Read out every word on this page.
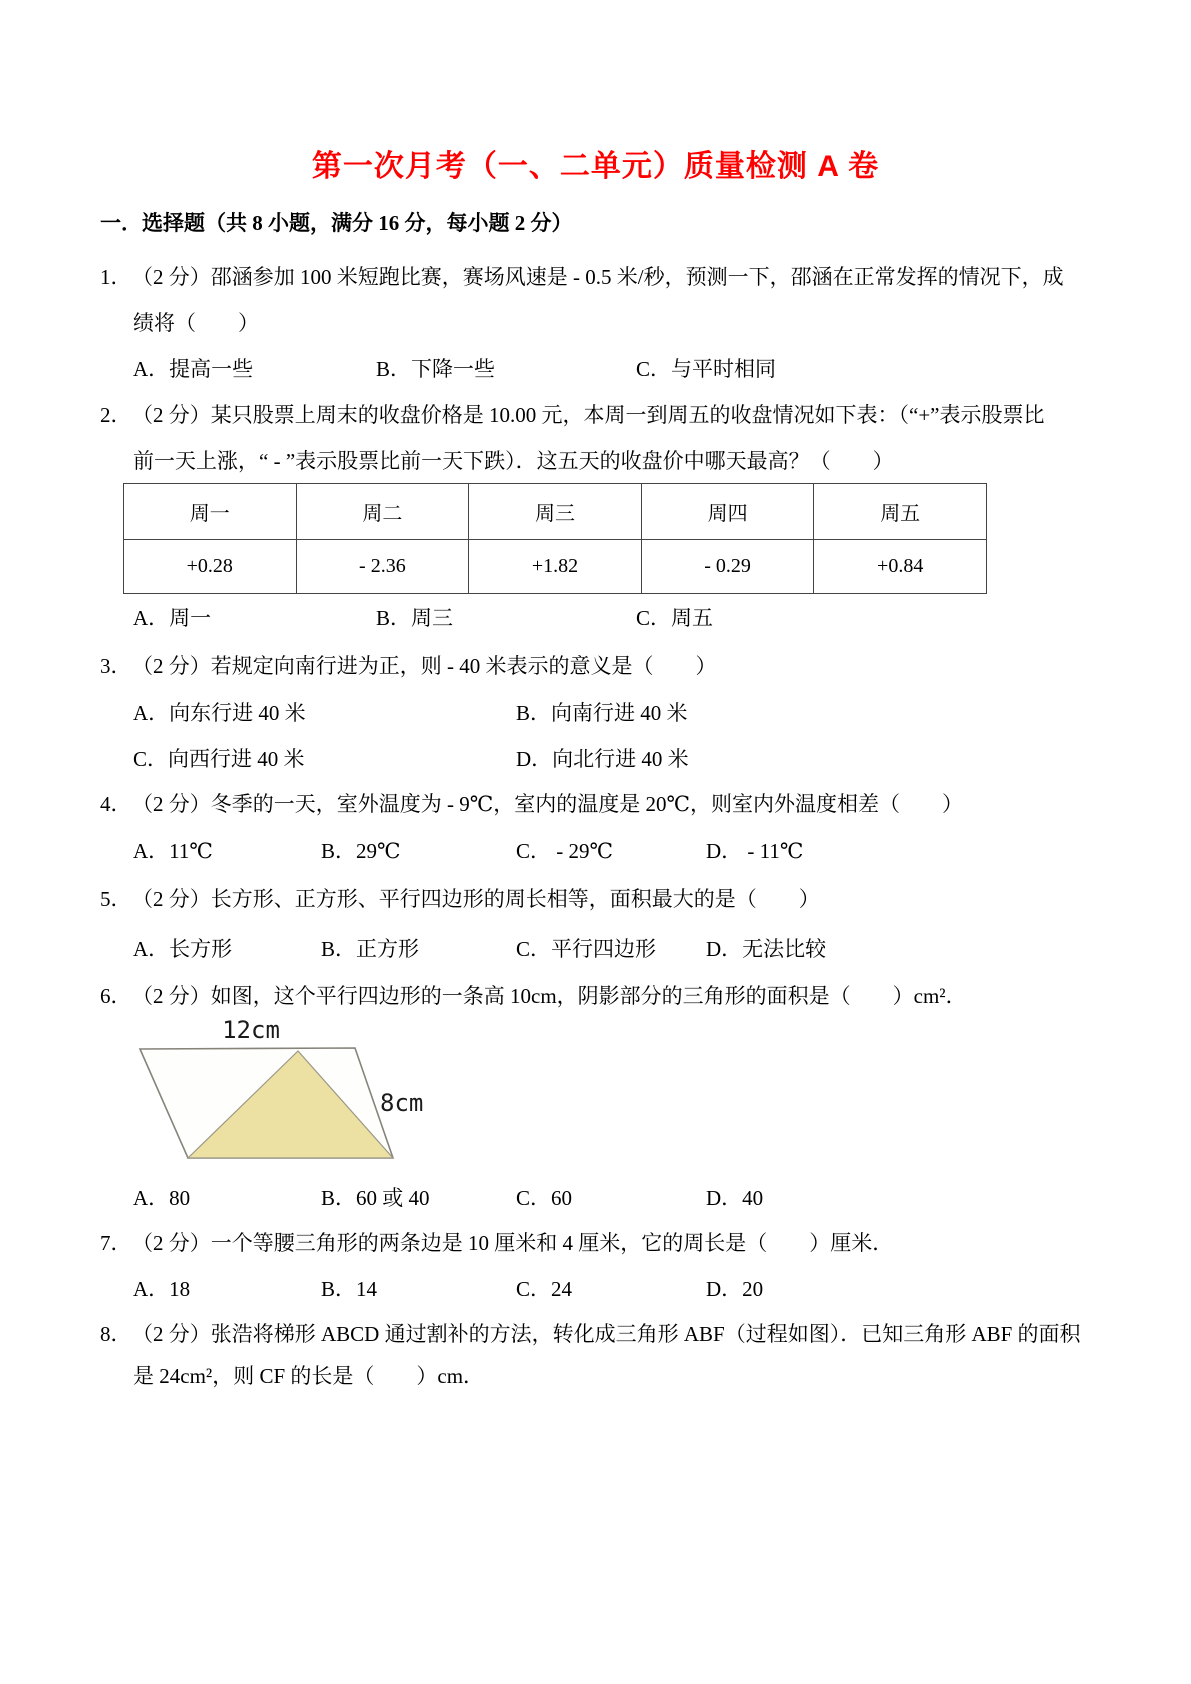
第一次月考（一、二单元）质量检测 A 卷
一．选择题（共 8 小题，满分 16 分，每小题 2 分）
1．（2 分）邵涵参加 100 米短跑比赛，赛场风速是 - 0.5 米/秒，预测一下，邵涵在正常发挥的情况下，成
绩将（　　）
A．提高一些	B．下降一些	C．与平时相同
2．（2 分）某只股票上周末的收盘价格是 10.00 元，本周一到周五的收盘情况如下表：（“+”表示股票比
前一天上涨，“ - ”表示股票比前一天下跌）．这五天的收盘价中哪天最高？（　　）
周一	周二	周三	周四	周五
+0.28	- 2.36	+1.82	- 0.29	+0.84
A．周一	B．周三	C．周五
3．（2 分）若规定向南行进为正，则 - 40 米表示的意义是（　　）
A．向东行进 40 米	B．向南行进 40 米
C．向西行进 40 米	D．向北行进 40 米
4．（2 分）冬季的一天，室外温度为 - 9℃，室内的温度是 20℃，则室内外温度相差（　　）
A．11℃	B．29℃	C． - 29℃	D． - 11℃
5．（2 分）长方形、正方形、平行四边形的周长相等，面积最大的是（　　）
A．长方形	B．正方形	C．平行四边形	D．无法比较
6．（2 分）如图，这个平行四边形的一条高 10cm，阴影部分的三角形的面积是（　　）cm²．
12cm
8cm
A．80	B．60 或 40	C．60	D．40
7．（2 分）一个等腰三角形的两条边是 10 厘米和 4 厘米，它的周长是（　　）厘米．
A．18	B．14	C．24	D．20
8．（2 分）张浩将梯形 ABCD 通过割补的方法，转化成三角形 ABF（过程如图）．已知三角形 ABF 的面积
是 24cm²，则 CF 的长是（　　）cm．
